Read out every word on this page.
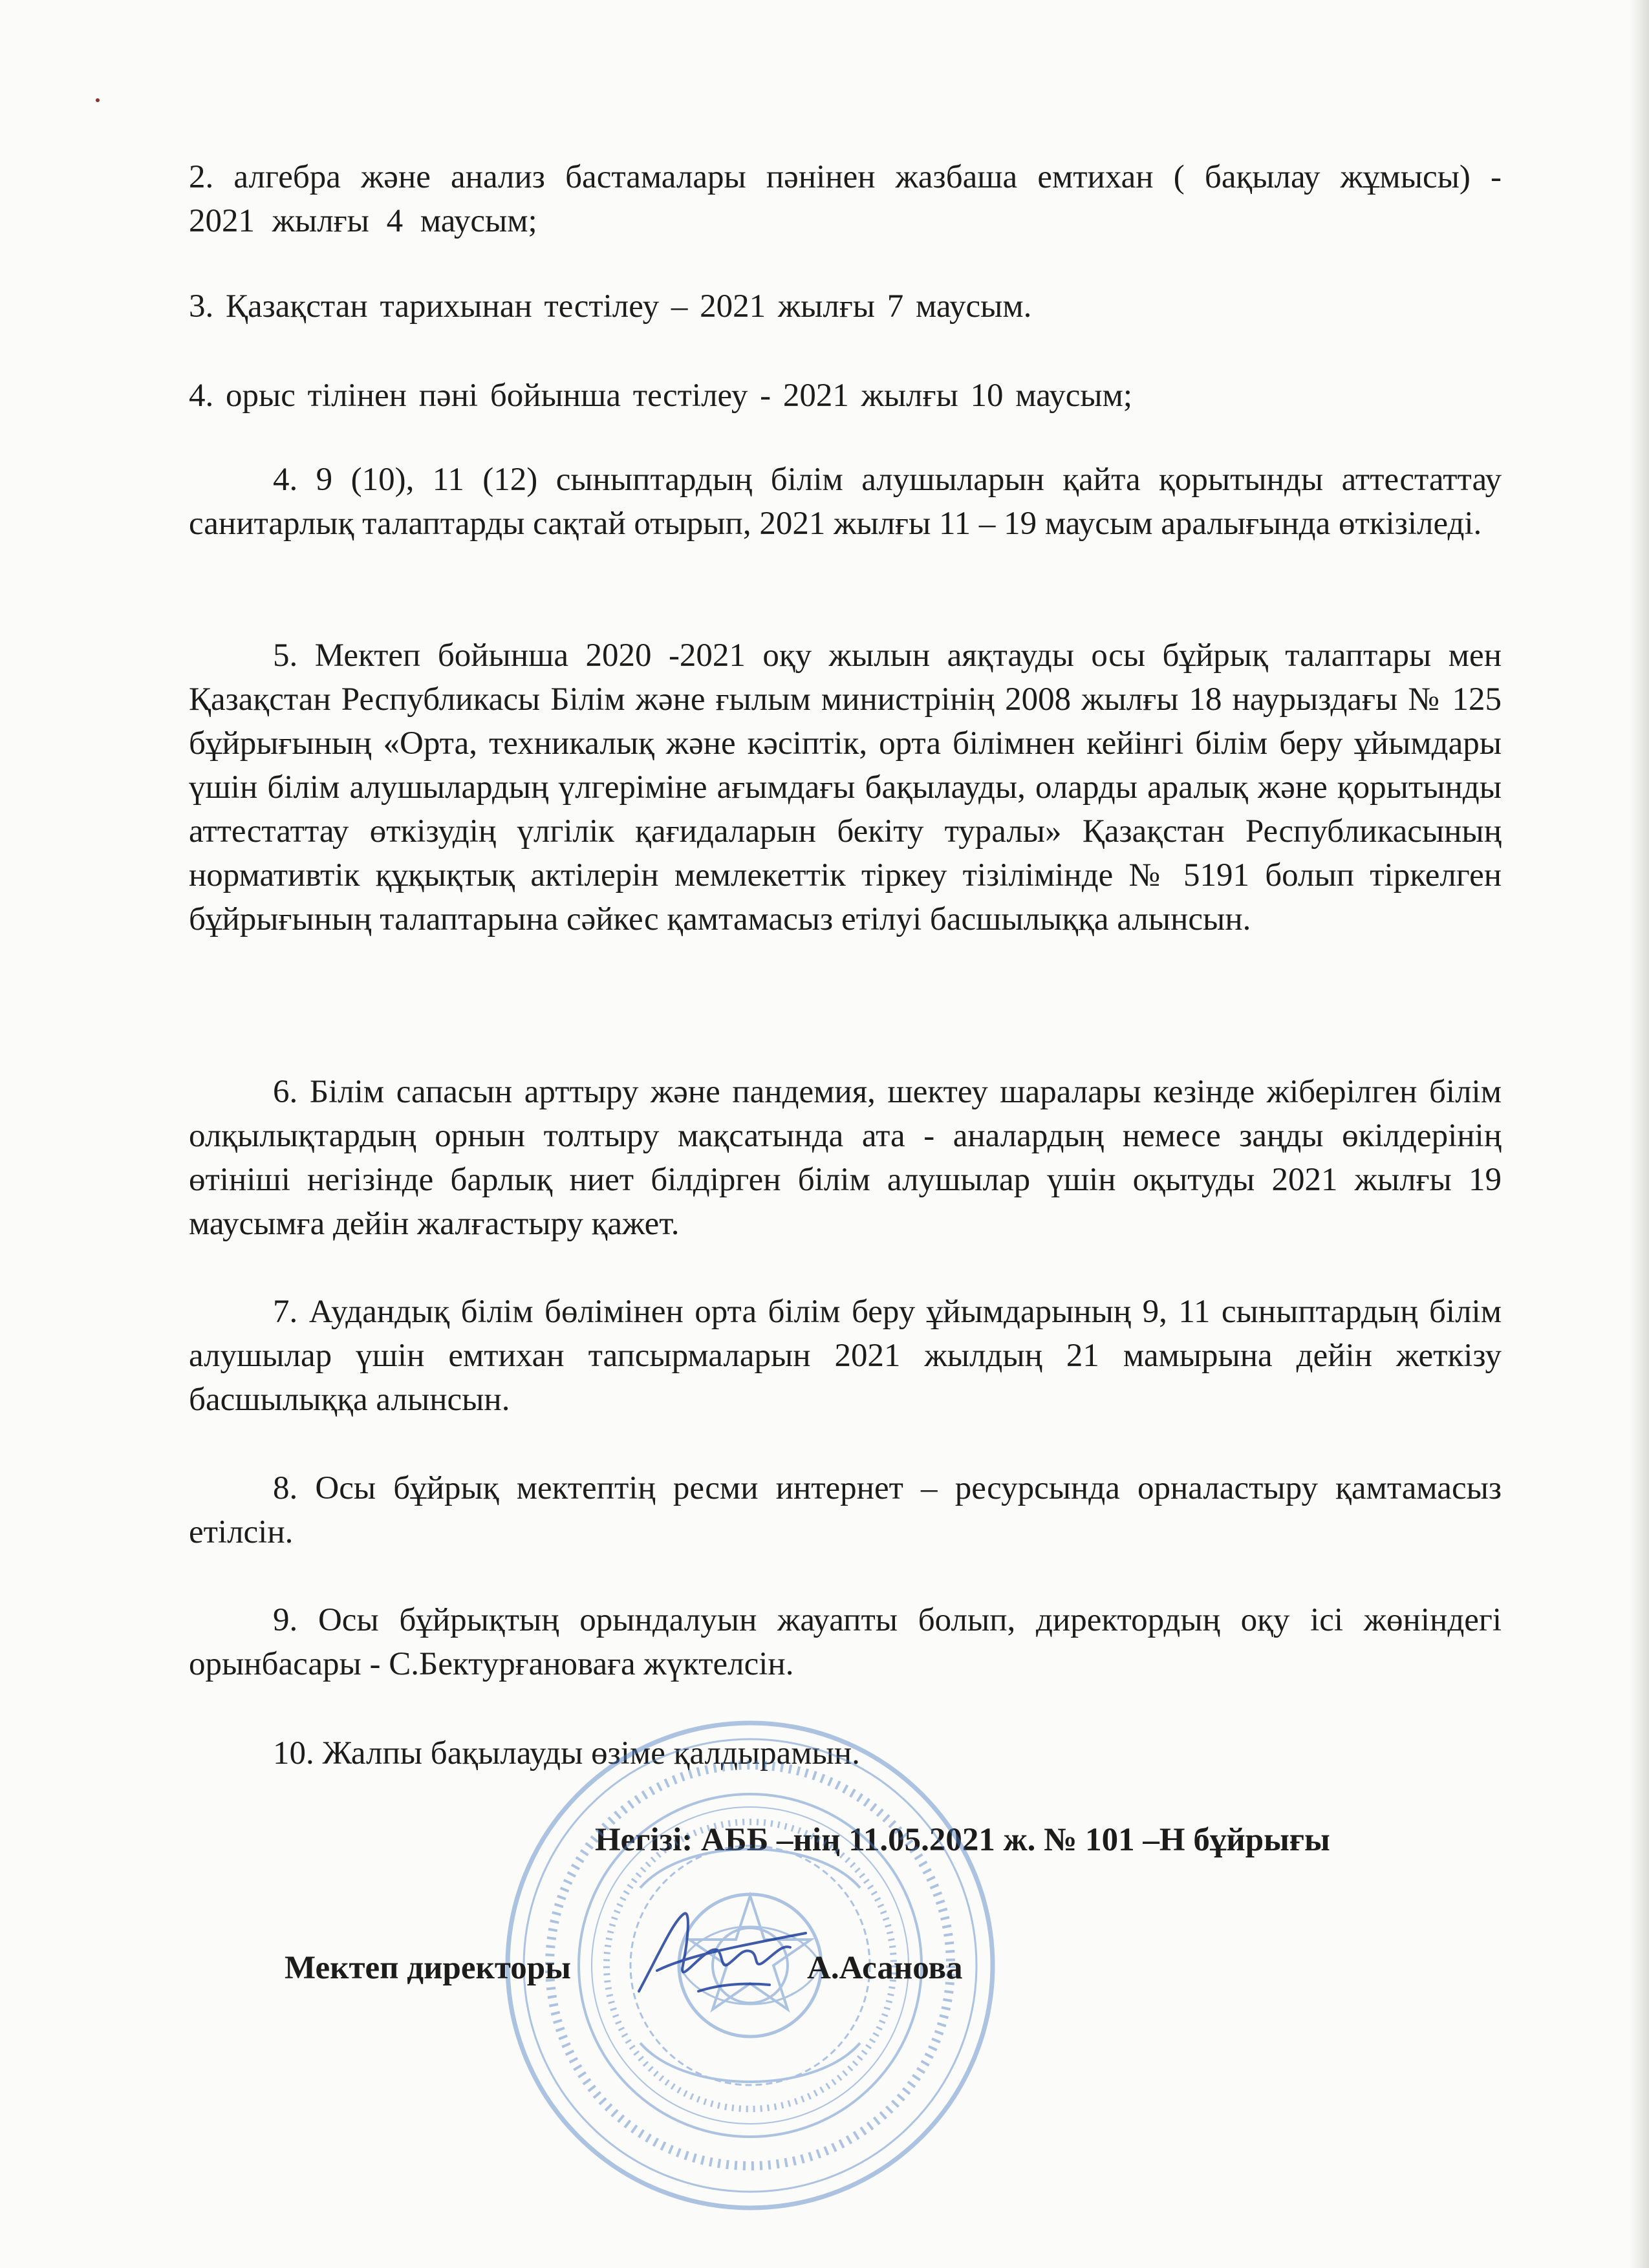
2. алгебра және анализ бастамалары пәнінен жазбаша емтихан ( бақылау жұмысы) - 2021 жылғы 4 маусым;
3. Қазақстан тарихынан тестілеу – 2021 жылғы 7 маусым.
4. орыс тілінен пәні бойынша тестілеу - 2021 жылғы 10 маусым;
4. 9 (10), 11 (12) сыныптардың білім алушыларын қайта қорытынды аттестаттау санитарлық талаптарды сақтай отырып, 2021 жылғы 11 – 19 маусым аралығында өткізіледі.
5. Мектеп бойынша 2020 -2021 оқу жылын аяқтауды осы бұйрық талаптары мен Қазақстан Республикасы Білім және ғылым министрінің 2008 жылғы 18 наурыздағы № 125 бұйрығының «Орта, техникалық және кәсіптік, орта білімнен кейінгі білім беру ұйымдары үшін білім алушылардың үлгеріміне ағымдағы бақылауды, оларды аралық және қорытынды аттестаттау өткізудің үлгілік қағидаларын бекіту туралы» Қазақстан Республикасының нормативтік құқықтық актілерін мемлекеттік тіркеу тізілімінде № 5191 болып тіркелген бұйрығының талаптарына сәйкес қамтамасыз етілуі басшылыққа алынсын.
6. Білім сапасын арттыру және пандемия, шектеу шаралары кезінде жіберілген білім олқылықтардың орнын толтыру мақсатында ата - аналардың немесе заңды өкілдерінің өтініші негізінде барлық ниет білдірген білім алушылар үшін оқытуды 2021 жылғы 19 маусымға дейін жалғастыру қажет.
7. Аудандық білім бөлімінен орта білім беру ұйымдарының 9, 11 сыныптардың білім алушылар үшін емтихан тапсырмаларын 2021 жылдың 21 мамырына дейін жеткізу басшылыққа алынсын.
8. Осы бұйрық мектептің ресми интернет – ресурсында орналастыру қамтамасыз етілсін.
9. Осы бұйрықтың орындалуын жауапты болып, директордың оқу ісі жөніндегі орынбасары - С.Бектурғановаға жүктелсін.
10. Жалпы бақылауды өзіме қалдырамын.
Негізі: АББ –нің 11.05.2021 ж. № 101 –Н бұйрығы
Мектеп директоры	А.Асанова
